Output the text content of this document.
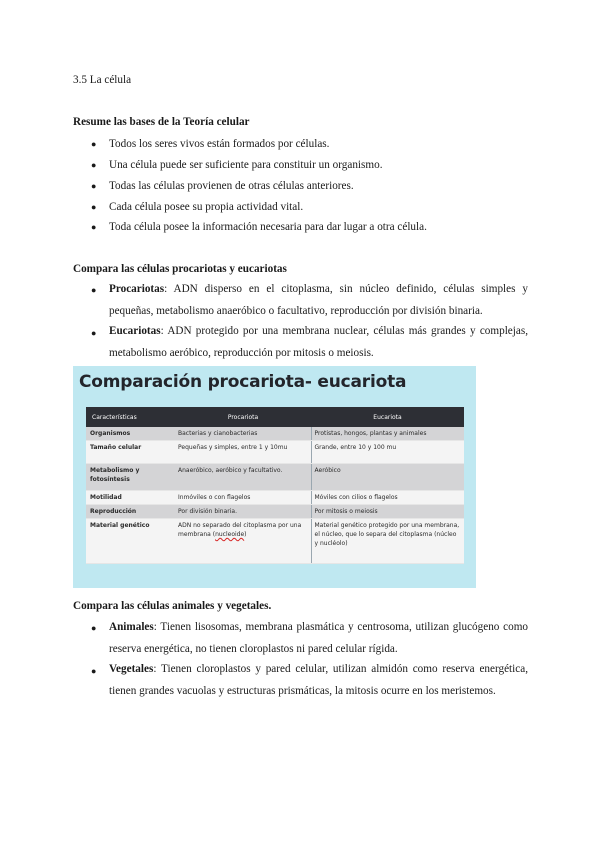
3.5 La célula
Resume las bases de la Teoría celular
● Todos los seres vivos están formados por células.
● Una célula puede ser suficiente para constituir un organismo.
● Todas las células provienen de otras células anteriores.
● Cada célula posee su propia actividad vital.
● Toda célula posee la información necesaria para dar lugar a otra célula.
Compara las células procariotas y eucariotas
● Procariotas: ADN disperso en el citoplasma, sin núcleo definido, células simples y pequeñas, metabolismo anaeróbico o facultativo, reproducción por división binaria.
● Eucariotas: ADN protegido por una membrana nuclear, células más grandes y complejas, metabolismo aeróbico, reproducción por mitosis o meiosis.
Comparación procariota- eucariota
Características	Procariota	Eucariota
Organismos	Bacterias y cianobacterias	Protistas, hongos, plantas y animales
Tamaño celular	Pequeñas y simples, entre 1 y 10mu	Grande, entre 10 y 100 mu
Metabolismo y fotosíntesis	Anaeróbico, aeróbico y facultativo.	Aeróbico
Motilidad	Inmóviles o con flagelos	Móviles con cilios o flagelos
Reproducción	Por división binaria.	Por mitosis o meiosis
Material genético	ADN no separado del citoplasma por una membrana (nucleoide)	Material genético protegido por una membrana, el núcleo, que lo separa del citoplasma (núcleo y nucléolo)
Compara las células animales y vegetales.
● Animales: Tienen lisosomas, membrana plasmática y centrosoma, utilizan glucógeno como reserva energética, no tienen cloroplastos ni pared celular rígida.
● Vegetales: Tienen cloroplastos y pared celular, utilizan almidón como reserva energética, tienen grandes vacuolas y estructuras prismáticas, la mitosis ocurre en los meristemos.
